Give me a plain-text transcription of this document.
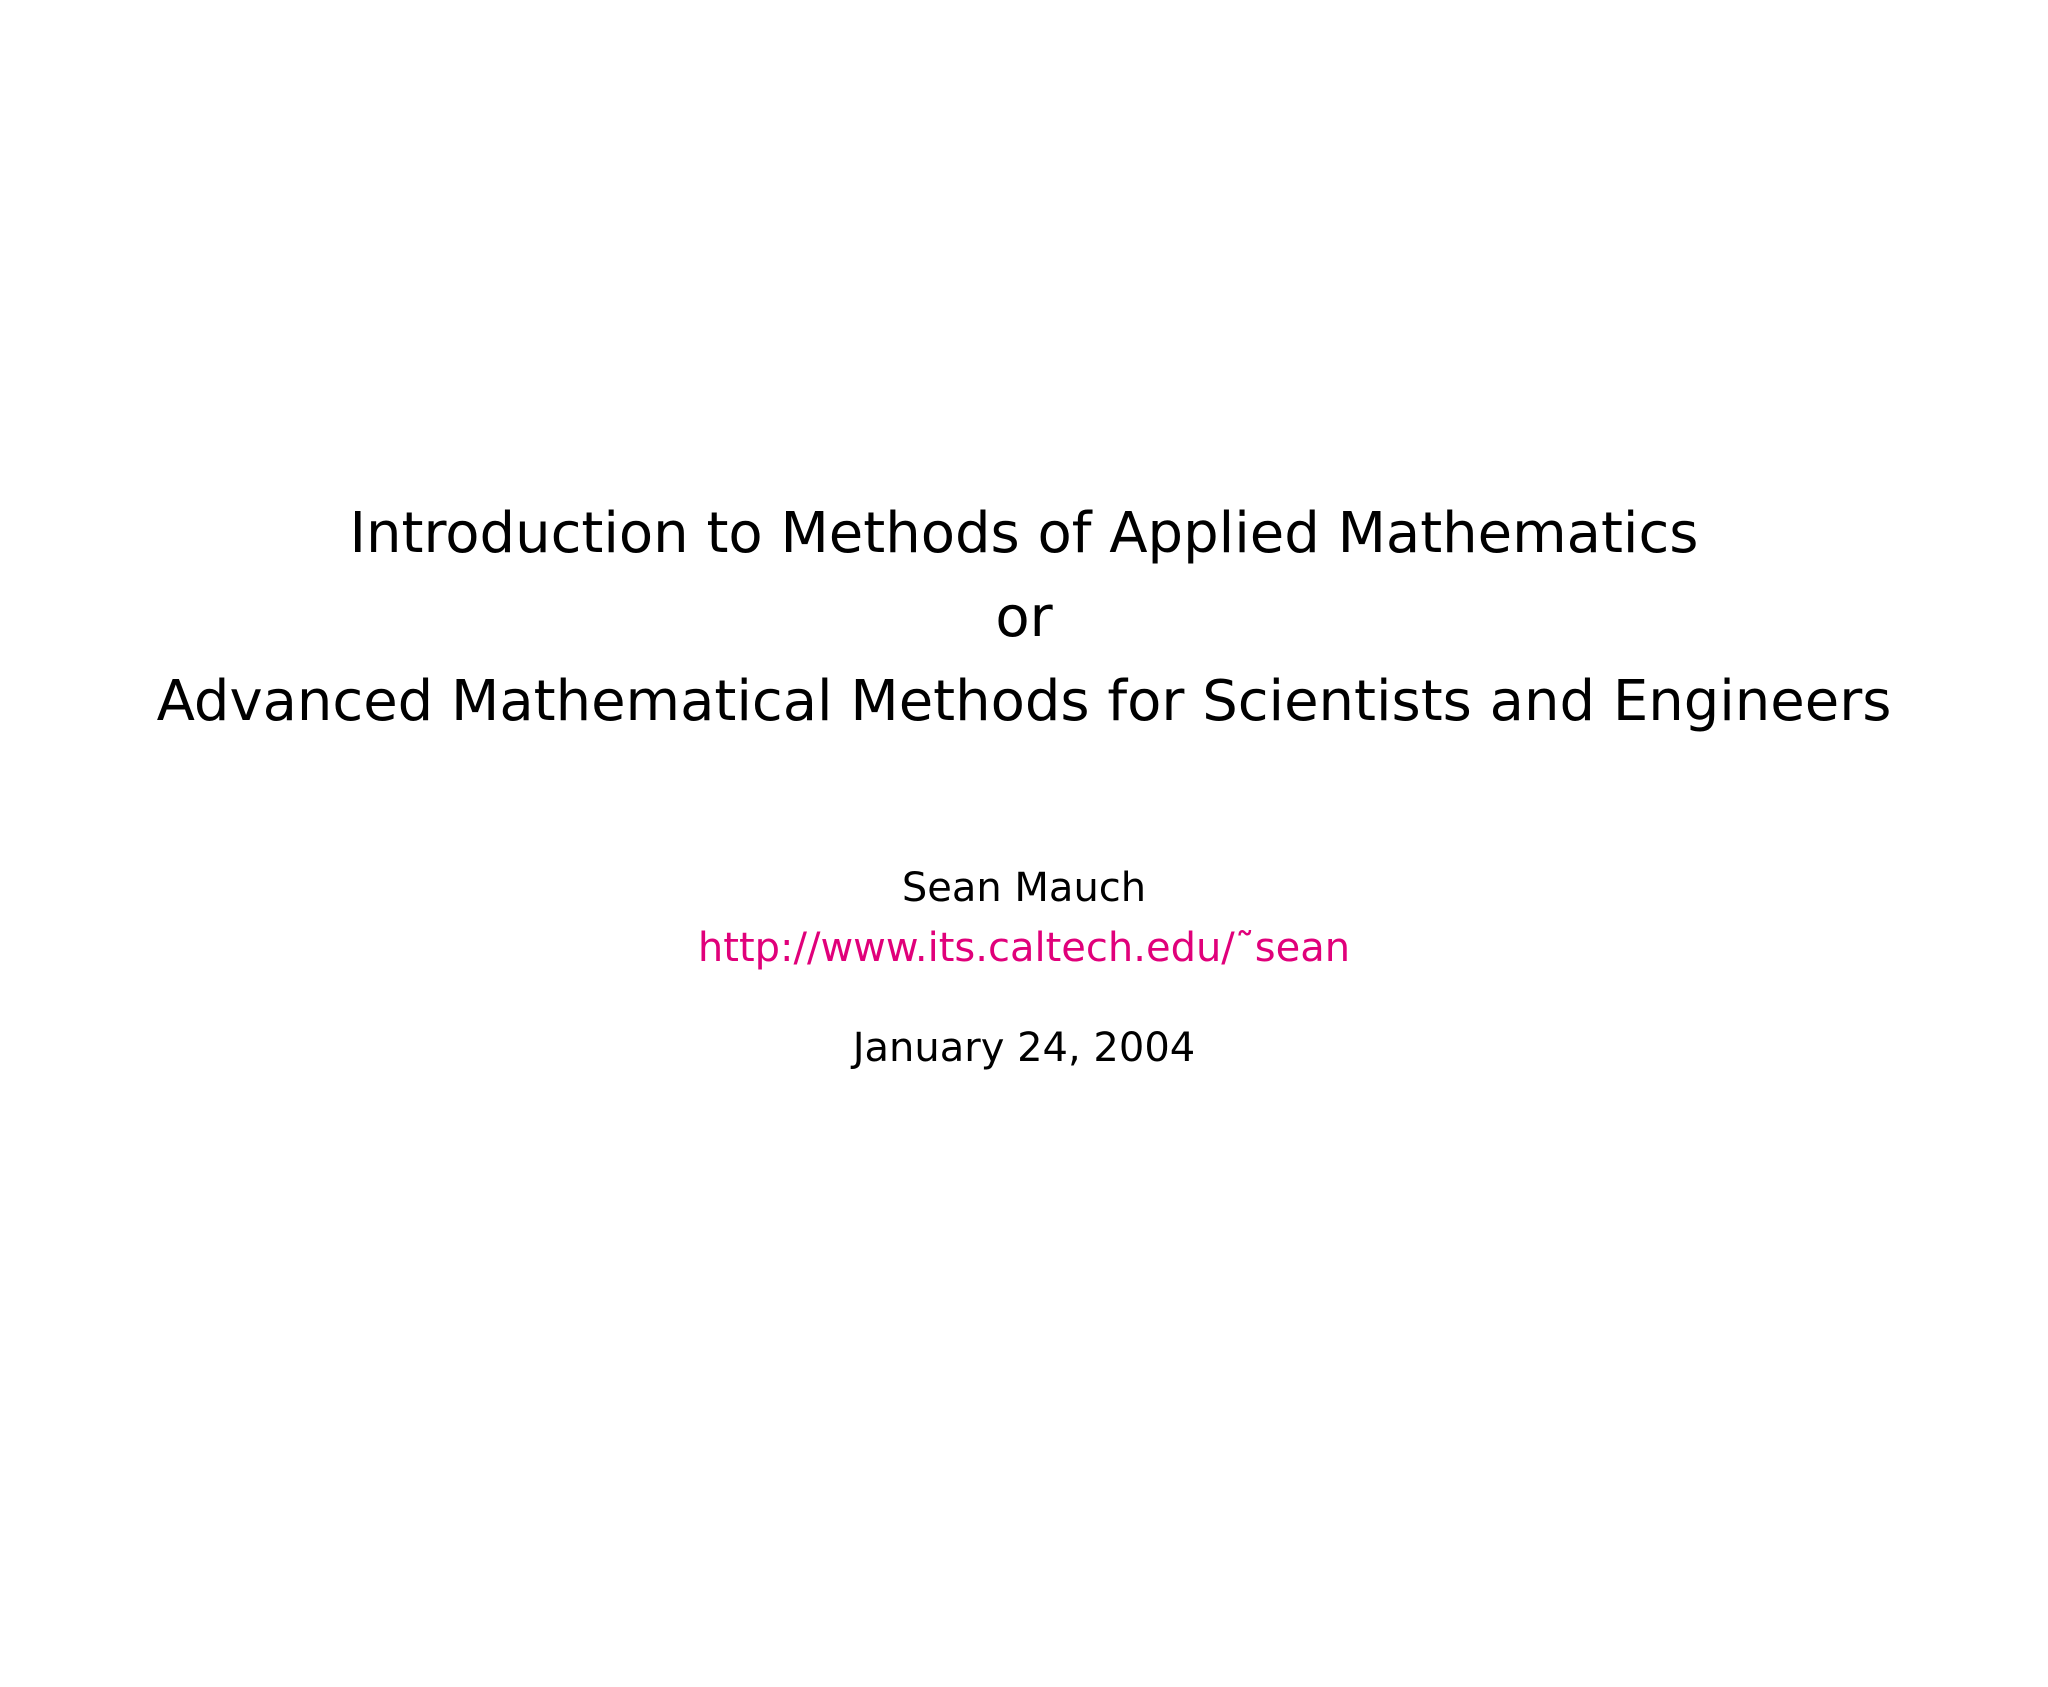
Introduction to Methods of Applied Mathematics
or
Advanced Mathematical Methods for Scientists and Engineers
Sean Mauch
http://www.its.caltech.edu/˜sean
January 24, 2004
